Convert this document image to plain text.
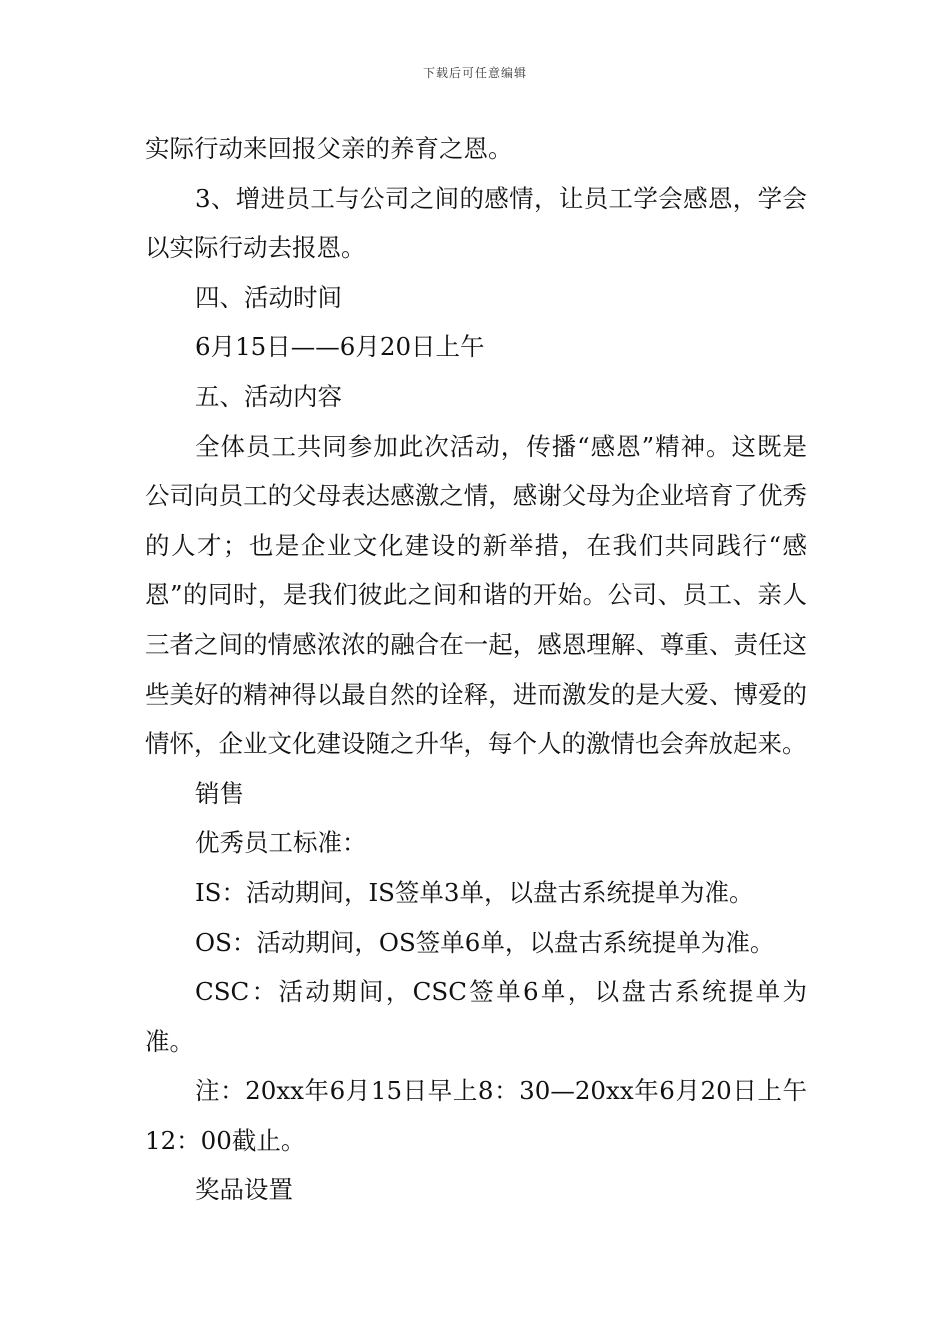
下载后可任意编辑

实际行动来回报父亲的养育之恩。

3、增进员工与公司之间的感情，让员工学会感恩，学会以实际行动去报恩。

四、活动时间

6月15日——6月20日上午

五、活动内容

全体员工共同参加此次活动，传播“感恩”精神。这既是公司向员工的父母表达感激之情，感谢父母为企业培育了优秀的人才；也是企业文化建设的新举措，在我们共同践行“感恩”的同时，是我们彼此之间和谐的开始。公司、员工、亲人三者之间的情感浓浓的融合在一起，感恩理解、尊重、责任这些美好的精神得以最自然的诠释，进而激发的是大爱、博爱的情怀，企业文化建设随之升华，每个人的激情也会奔放起来。

销售

优秀员工标准：

IS：活动期间，IS签单3单，以盘古系统提单为准。

OS：活动期间，OS签单6单，以盘古系统提单为准。

CSC：活动期间，CSC签单6单，以盘古系统提单为准。

注：20xx年6月15日早上8：30—20xx年6月20日上午12：00截止。

奖品设置
